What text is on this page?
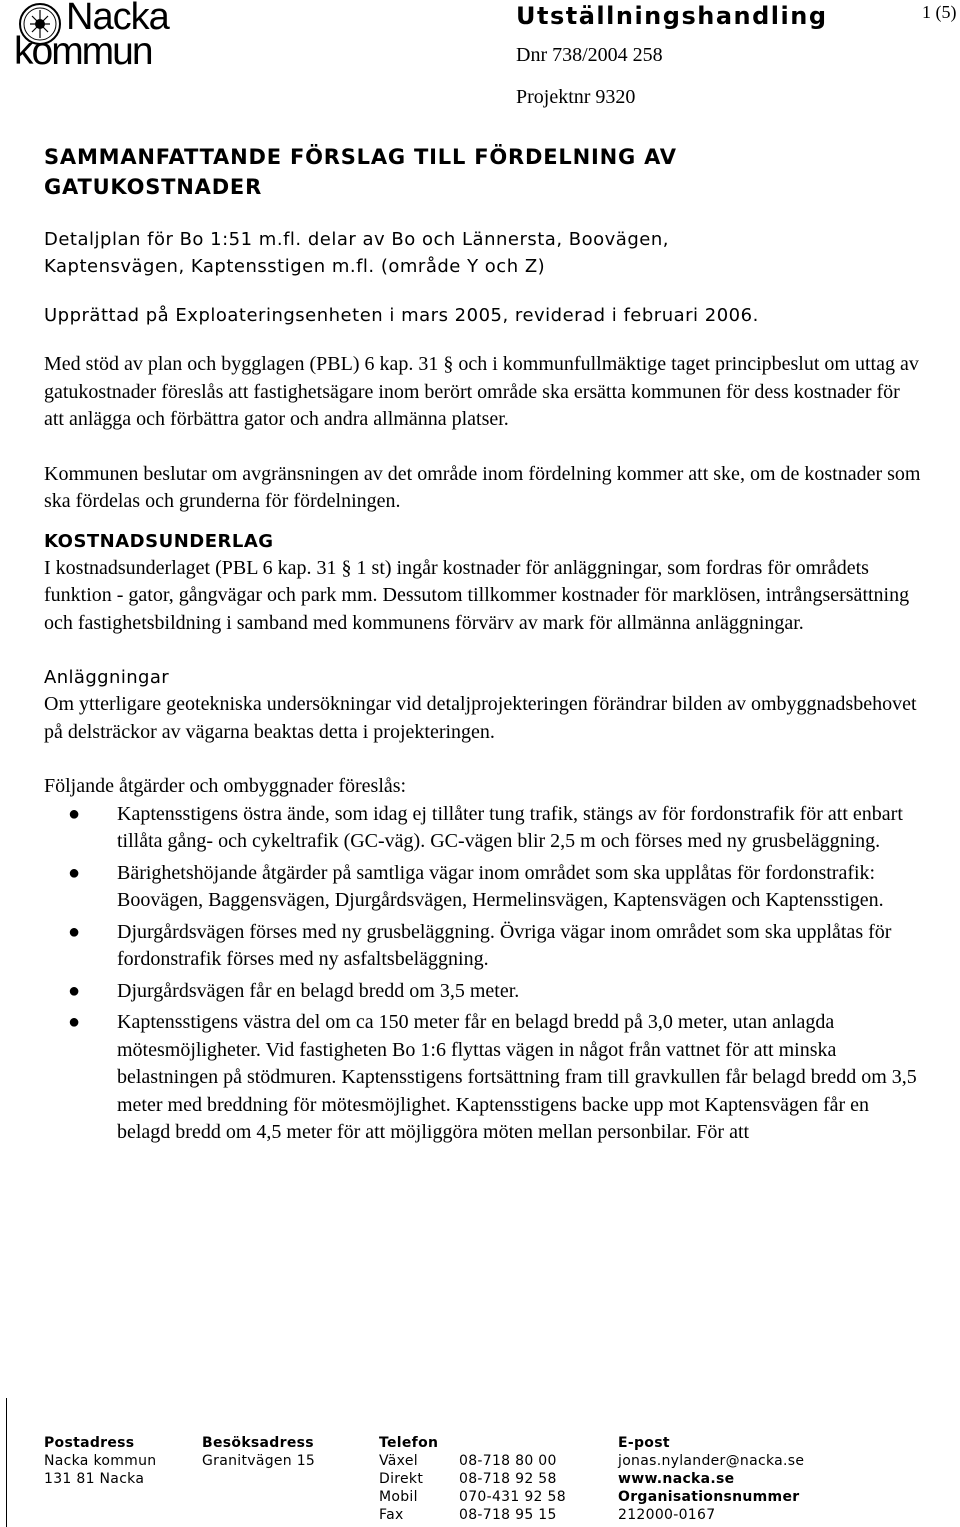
Nacka
kommun
Utställningshandling	1 (5)
Dnr 738/2004 258
Projektnr 9320

SAMMANFATTANDE FÖRSLAG TILL FÖRDELNING AV

GATUKOSTNADER

Detaljplan för Bo 1:51 m.fl. delar av Bo och Lännersta, Boovägen,

Kaptensvägen, Kaptensstigen m.fl. (område Y och Z)

Upprättad på Exploateringsenheten i mars 2005, reviderad i februari 2006.

Med stöd av plan och bygglagen (PBL) 6 kap. 31 § och i kommunfullmäktige taget principbeslut om uttag av gatukostnader föreslås att fastighetsägare inom berört område ska ersätta kommunen för dess kostnader för att anlägga och förbättra gator och andra allmänna platser.

Kommunen beslutar om avgränsningen av det område inom fördelning kommer att ske, om de kostnader som ska fördelas och grunderna för fördelningen.

KOSTNADSUNDERLAG

I kostnadsunderlaget (PBL 6 kap. 31 § 1 st) ingår kostnader för anläggningar, som fordras för områdets funktion - gator, gångvägar och park mm. Dessutom tillkommer kostnader för marklösen, intrångsersättning och fastighetsbildning i samband med kommunens förvärv av mark för allmänna anläggningar.

Anläggningar

Om ytterligare geotekniska undersökningar vid detaljprojekteringen förändrar bilden av ombyggnadsbehovet på delsträckor av vägarna beaktas detta i projekteringen.

Följande åtgärder och ombyggnader föreslås:

● Kaptensstigens östra ände, som idag ej tillåter tung trafik, stängs av för fordonstrafik för att enbart tillåta gång- och cykeltrafik (GC-väg). GC-vägen blir 2,5 m och förses med ny grusbeläggning.
● Bärighetshöjande åtgärder på samtliga vägar inom området som ska upplåtas för fordonstrafik: Boovägen, Baggensvägen, Djurgårdsvägen, Hermelinsvägen, Kaptensvägen och Kaptensstigen.
● Djurgårdsvägen förses med ny grusbeläggning. Övriga vägar inom området som ska upplåtas för fordonstrafik förses med ny asfaltsbeläggning.
● Djurgårdsvägen får en belagd bredd om 3,5 meter.
● Kaptensstigens västra del om ca 150 meter får en belagd bredd på 3,0 meter, utan anlagda mötesmöjligheter. Vid fastigheten Bo 1:6 flyttas vägen in något från vattnet för att minska belastningen på stödmuren. Kaptensstigens fortsättning fram till gravkullen får belagd bredd om 3,5 meter med breddning för mötesmöjlighet. Kaptensstigens backe upp mot Kaptensvägen får en belagd bredd om 4,5 meter för att möjliggöra möten mellan personbilar. För att
Postadress
Nacka kommun
131 81 Nacka
Besöksadress
Granitvägen 15
Telefon
Växel
Direkt
Mobil
Fax

08-718 80 00
08-718 92 58
070-431 92 58
08-718 95 15
E-post
jonas.nylander@nacka.se
www.nacka.se
Organisationsnummer
212000-0167
